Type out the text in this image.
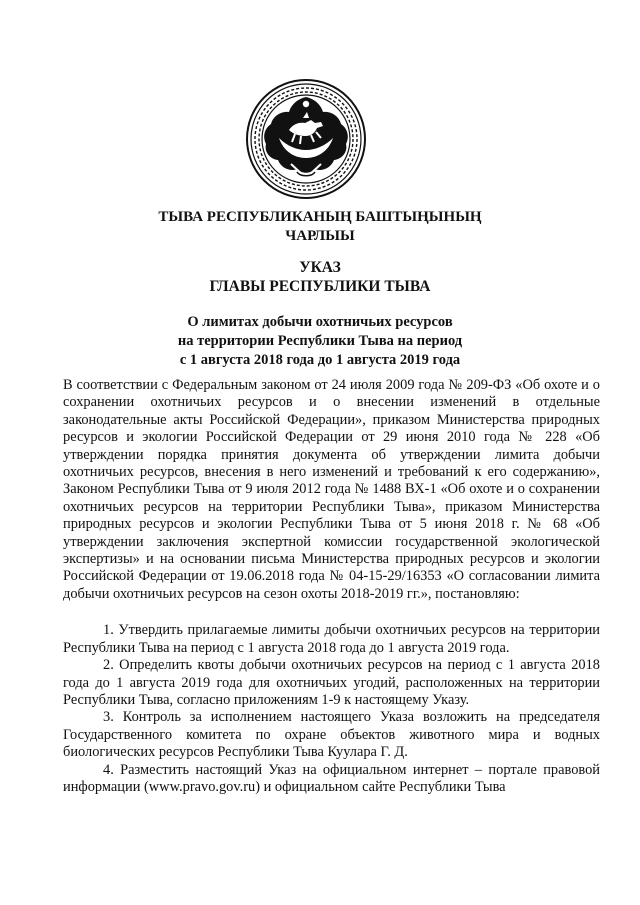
ТЫВА РЕСПУБЛИКАНЫҢ БАШТЫҢЫНЫҢ
ЧАРЛЫЫ
УКАЗ
ГЛАВЫ РЕСПУБЛИКИ ТЫВА
О лимитах добычи охотничьих ресурсов
на территории Республики Тыва на период
с 1 августа 2018 года до 1 августа 2019 года

В соответствии с Федеральным законом от 24 июля 2009 года № 209-ФЗ «Об охоте и о сохранении охотничьих ресурсов и о внесении изменений в отдельные законодательные акты Российской Федерации», приказом Министерства природных ресурсов и экологии Российской Федерации от 29 июня 2010 года № 228 «Об утверждении порядка принятия документа об утверждении лимита добычи охотничьих ресурсов, внесения в него изменений и требований к его содержанию», Законом Республики Тыва от 9 июля 2012 года № 1488 ВХ-1 «Об охоте и о сохранении охотничьих ресурсов на территории Республики Тыва», приказом Министерства природных ресурсов и экологии Республики Тыва от 5 июня 2018 г. № 68 «Об утверждении заключения экспертной комиссии государственной экологической экспертизы» и на основании письма Министерства природных ресурсов и экологии Российской Федерации от 19.06.2018 года № 04-15-29/16353 «О согласовании лимита добычи охотничьих ресурсов на сезон охоты 2018-2019 гг.», постановляю:

1. Утвердить прилагаемые лимиты добычи охотничьих ресурсов на территории Республики Тыва на период с 1 августа 2018 года до 1 августа 2019 года.

2. Определить квоты добычи охотничьих ресурсов на период с 1 августа 2018 года до 1 августа 2019 года для охотничьих угодий, расположенных на территории Республики Тыва, согласно приложениям 1-9 к настоящему Указу.

3. Контроль за исполнением настоящего Указа возложить на председателя Государственного комитета по охране объектов животного мира и водных биологических ресурсов Республики Тыва Куулара Г. Д.

4. Разместить настоящий Указ на официальном интернет – портале правовой информации (www.pravo.gov.ru) и официальном сайте Республики Тыва
